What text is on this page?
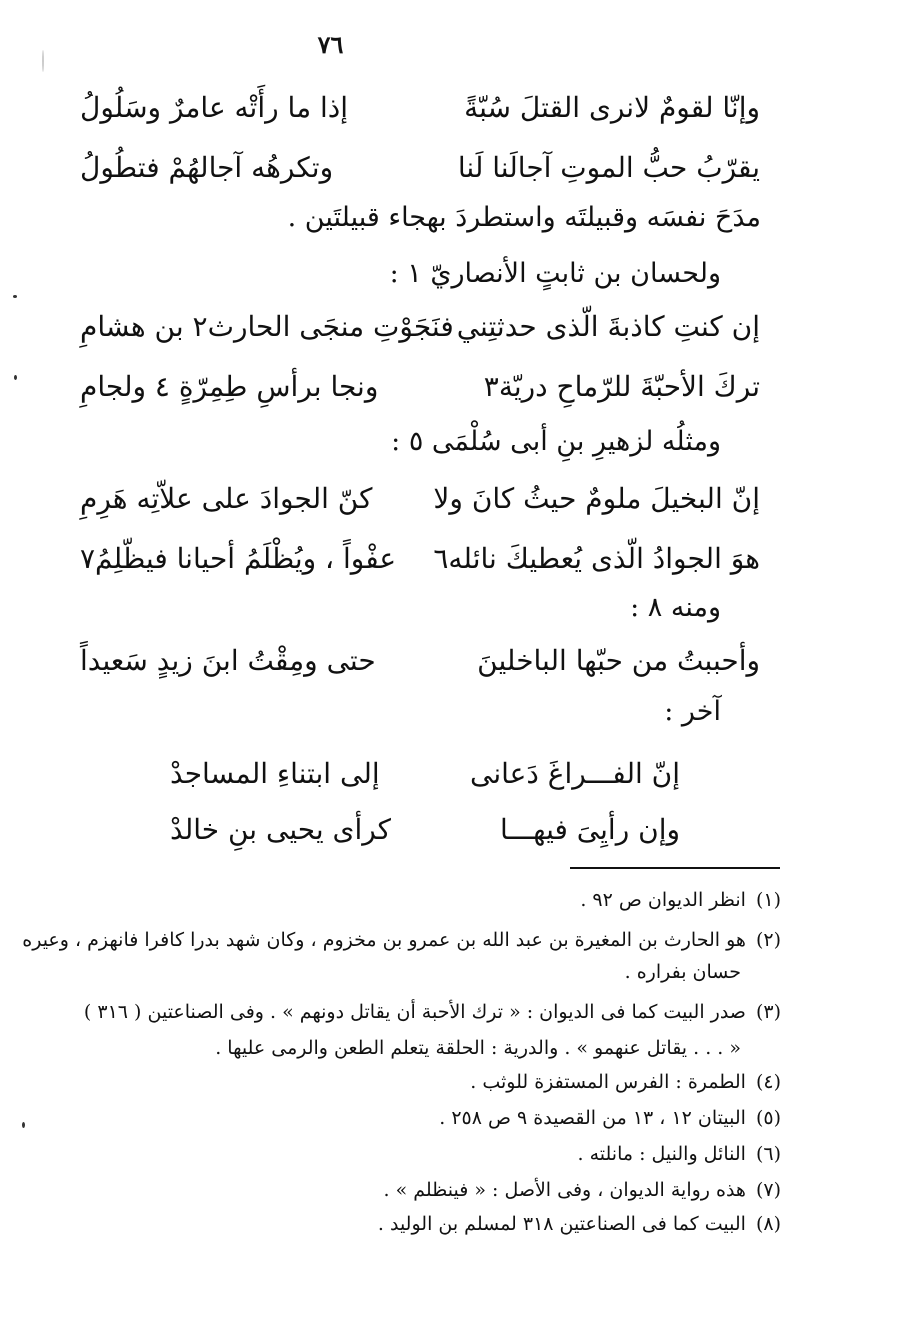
٧٦
وإنّا لقومٌ لانرى القتلَ سُبّةً
إذا ما رأَتْه عامرٌ وسَلُولُ
يقرّبُ حبُّ الموتِ آجالَنا لَنا
وتكرهُه آجالهُمْ فتطُولُ
مدَحَ نفسَه وقبيلتَه واستطردَ بهجاء قبيلتَين .
ولحسان بن ثابتٍ الأنصاريّ ١ :
إن كنتِ كاذبةَ الّذى حدثتِني
فنَجَوْتِ منجَى الحارث٢ بن هشامِ
تركَ الأحبّةَ للرّماحِ دريّة٣
ونجا برأسِ طِمِرّةٍ ٤ ولجامِ
ومثلُه لزهيرِ بنِ أبى سُلْمَى ٥ :
إنّ البخيلَ ملومٌ حيثُ كانَ ولا
كنّ الجوادَ على علاّتِه هَرِمِ
هوَ الجوادُ الّذى يُعطيكَ نائله٦
عفْواً ، ويُظْلَمُ أحيانا فيظّلِمُ٧
ومنه ٨ :
وأحببتُ من حبّها الباخلينَ
حتى ومِقْتُ ابنَ زيدٍ سَعيداً
آخر :
إنّ الفـــراغَ دَعانى
إلى ابتناءِ المساجدْ
وإن رأيِىَ فيهـــا
كرأى يحيى بنِ خالدْ
(١)انظر الديوان ص ٩٢ .
(٢)هو الحارث بن المغيرة بن عبد الله بن عمرو بن مخزوم ، وكان شهد بدرا كافرا فانهزم ، وعيره
حسان بفراره .
(٣)صدر البيت كما فى الديوان : « ترك الأحبة أن يقاتل دونهم » . وفى الصناعتين ( ٣١٦ )
« . . . يقاتل عنهمو » . والدرية : الحلقة يتعلم الطعن والرمى عليها .
(٤)الطمرة : الفرس المستفزة للوثب .
(٥)البيتان ١٢ ، ١٣ من القصيدة ٩ ص ٢٥٨ .
(٦)النائل والنيل : مانلته .
(٧)هذه رواية الديوان ، وفى الأصل : « فينظلم » .
(٨)البيت كما فى الصناعتين ٣١٨ لمسلم بن الوليد .
